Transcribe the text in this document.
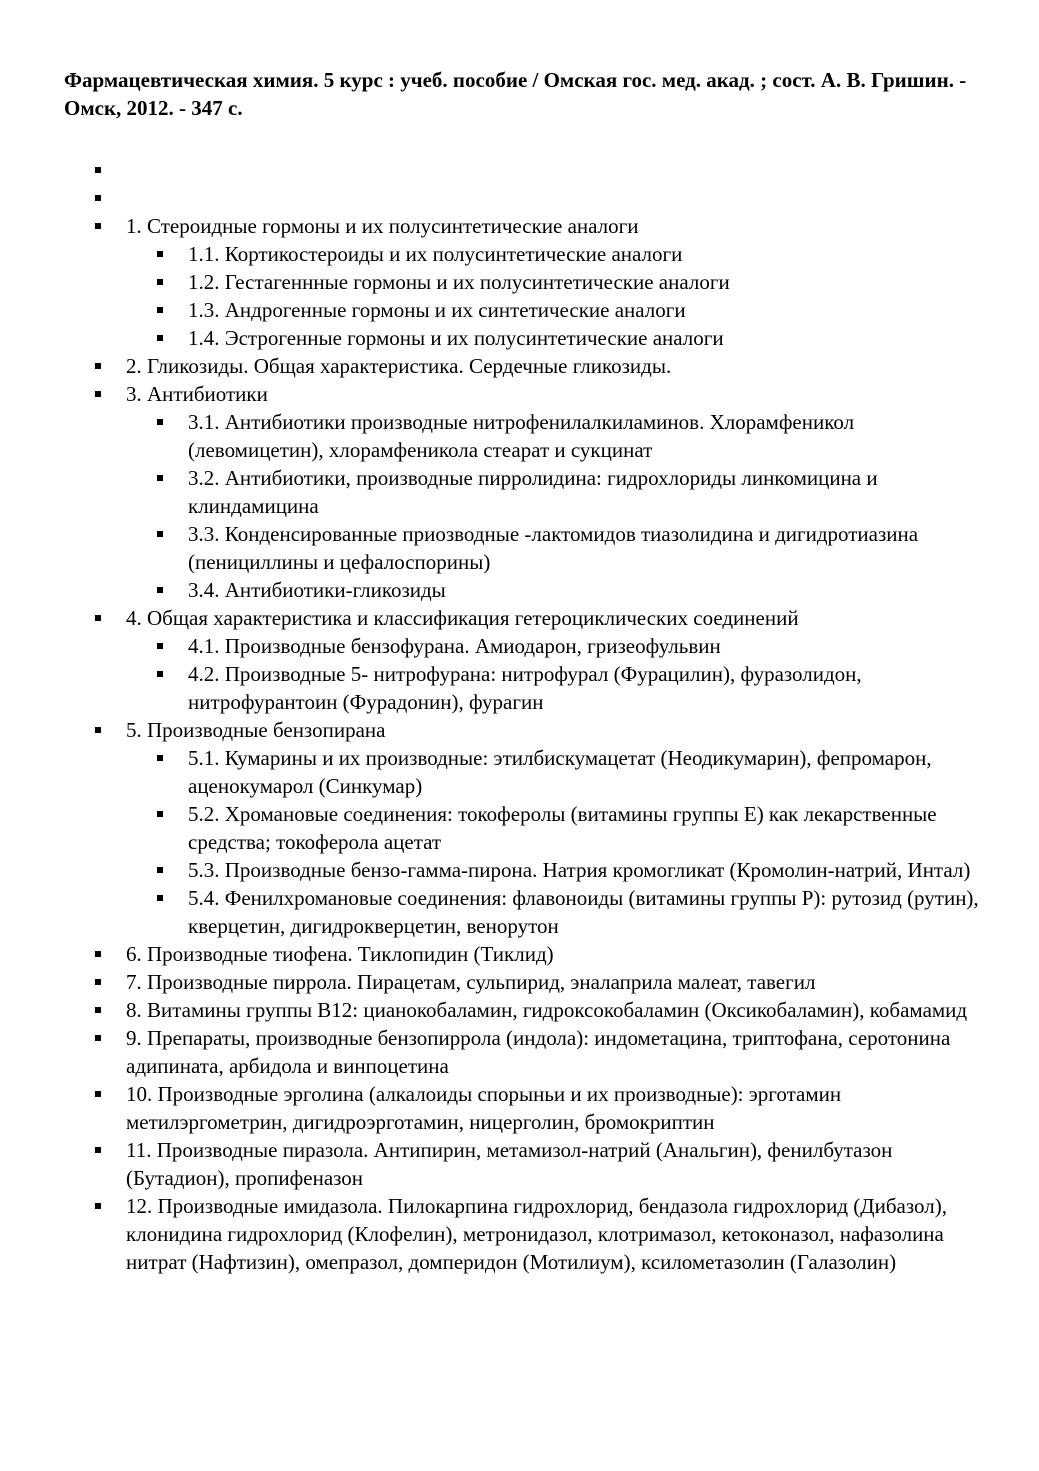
Фармацевтическая химия. 5 курс : учеб. пособие / Омская гос. мед. акад. ; сост. А. В. Гришин. - Омск, 2012. - 347 с.
1. Стероидные гормоны и их полусинтетические аналоги
1.1. Кортикостероиды и их полусинтетические аналоги
1.2. Гестагеннные гормоны и их полусинтетические аналоги
1.3. Андрогенные гормоны и их синтетические аналоги
1.4. Эстрогенные гормоны и их полусинтетические аналоги
2. Гликозиды. Общая характеристика. Сердечные гликозиды.
3. Антибиотики
3.1. Антибиотики производные нитрофенилалкиламинов. Хлорамфеникол (левомицетин), хлорамфеникола стеарат и сукцинат
3.2. Антибиотики, производные пирролидина: гидрохлориды линкомицина и клиндамицина
3.3. Конденсированные приозводные -лактомидов тиазолидина и дигидротиазина (пенициллины и цефалоспорины)
3.4. Антибиотики-гликозиды
4. Общая характеристика и классификация гетероциклических соединений
4.1. Производные бензофурана. Амиодарон, гризеофульвин
4.2. Производные 5- нитрофурана: нитрофурал (Фурацилин), фуразолидон, нитрофурантоин (Фурадонин), фурагин
5. Производные бензопирана
5.1. Кумарины и их производные: этилбискумацетат (Неодикумарин), фепромарон, аценокумарол (Синкумар)
5.2. Хромановые соединения: токоферолы (витамины группы Е) как лекарственные средства; токоферола ацетат
5.3. Производные бензо-гамма-пирона. Натрия кромогликат (Кромолин-натрий, Интал)
5.4. Фенилхромановые соединения: флавоноиды (витамины группы Р): рутозид (рутин), кверцетин, дигидрокверцетин, венорутон
6. Производные тиофена. Тиклопидин (Тиклид)
7. Производные пиррола. Пирацетам, сульпирид, эналаприла малеат, тавегил
8. Витамины группы В12: цианокобаламин, гидроксокобаламин (Оксикобаламин), кобамамид
9. Препараты, производные бензопиррола (индола): индометацина, триптофана, серотонина адипината, арбидола и винпоцетина
10. Производные эрголина (алкалоиды спорыньи и их производные): эрготамин метилэргометрин, дигидроэрготамин, ницерголин, бромокриптин
11. Производные пиразола. Антипирин, метамизол-натрий (Анальгин), фенилбутазон (Бутадион), пропифеназон
12. Производные имидазола. Пилокарпина гидрохлорид, бендазола гидрохлорид (Дибазол), клонидина гидрохлорид (Клофелин), метронидазол, клотримазол, кетоконазол, нафазолина нитрат (Нафтизин), омепразол, домперидон (Мотилиум), ксилометазолин (Галазолин)
